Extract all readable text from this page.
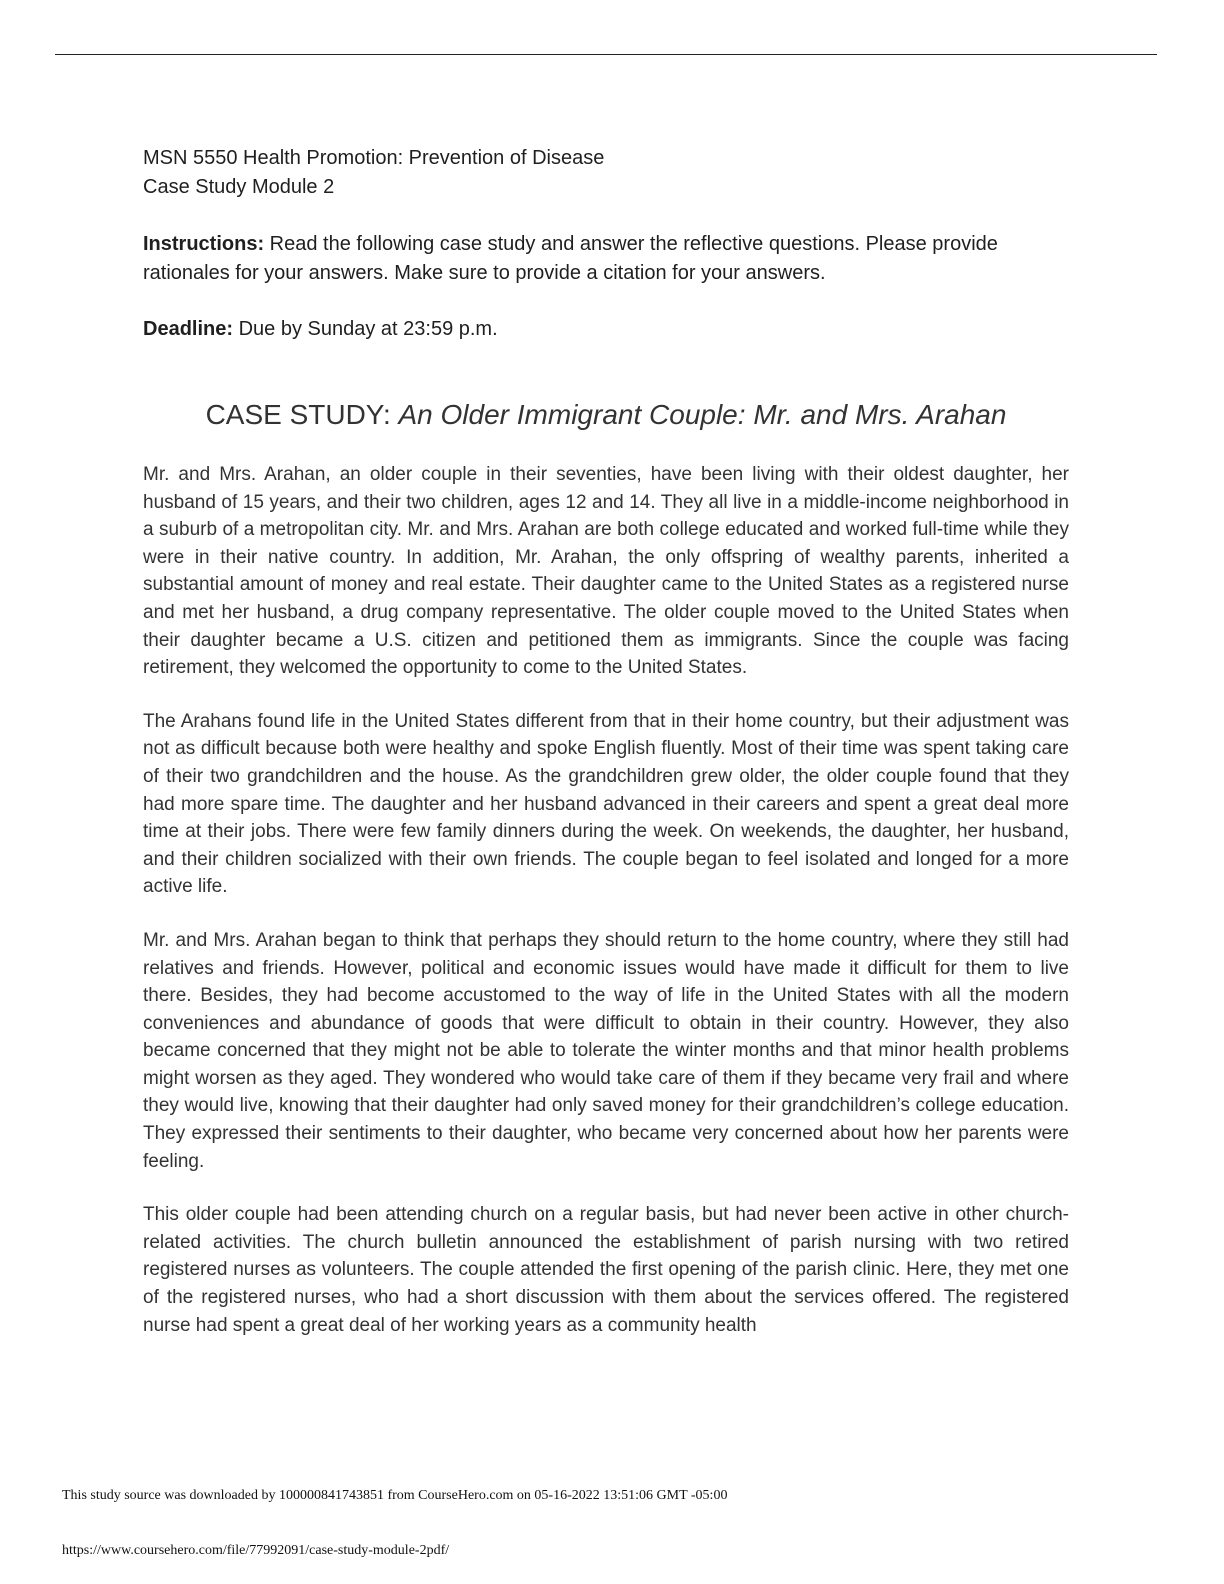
MSN 5550 Health Promotion: Prevention of Disease
Case Study Module 2
Instructions: Read the following case study and answer the reflective questions. Please provide rationales for your answers. Make sure to provide a citation for your answers.
Deadline: Due by Sunday at 23:59 p.m.
CASE STUDY: An Older Immigrant Couple: Mr. and Mrs. Arahan

Mr. and Mrs. Arahan, an older couple in their seventies, have been living with their oldest daughter, her husband of 15 years, and their two children, ages 12 and 14. They all live in a middle-income neighborhood in a suburb of a metropolitan city. Mr. and Mrs. Arahan are both college educated and worked full-time while they were in their native country. In addition, Mr. Arahan, the only offspring of wealthy parents, inherited a substantial amount of money and real estate. Their daughter came to the United States as a registered nurse and met her husband, a drug company representative. The older couple moved to the United States when their daughter became a U.S. citizen and petitioned them as immigrants. Since the couple was facing retirement, they welcomed the opportunity to come to the United States.

The Arahans found life in the United States different from that in their home country, but their adjustment was not as difficult because both were healthy and spoke English fluently. Most of their time was spent taking care of their two grandchildren and the house. As the grandchildren grew older, the older couple found that they had more spare time. The daughter and her husband advanced in their careers and spent a great deal more time at their jobs. There were few family dinners during the week. On weekends, the daughter, her husband, and their children socialized with their own friends. The couple began to feel isolated and longed for a more active life.

Mr. and Mrs. Arahan began to think that perhaps they should return to the home country, where they still had relatives and friends. However, political and economic issues would have made it difficult for them to live there. Besides, they had become accustomed to the way of life in the United States with all the modern conveniences and abundance of goods that were difficult to obtain in their country. However, they also became concerned that they might not be able to tolerate the winter months and that minor health problems might worsen as they aged. They wondered who would take care of them if they became very frail and where they would live, knowing that their daughter had only saved money for their grandchildren’s college education. They expressed their sentiments to their daughter, who became very concerned about how her parents were feeling.

This older couple had been attending church on a regular basis, but had never been active in other church-related activities. The church bulletin announced the establishment of parish nursing with two retired registered nurses as volunteers. The couple attended the first opening of the parish clinic. Here, they met one of the registered nurses, who had a short discussion with them about the services offered. The registered nurse had spent a great deal of her working years as a community health

This study source was downloaded by 100000841743851 from CourseHero.com on 05-16-2022 13:51:06 GMT -05:00
https://www.coursehero.com/file/77992091/case-study-module-2pdf/
